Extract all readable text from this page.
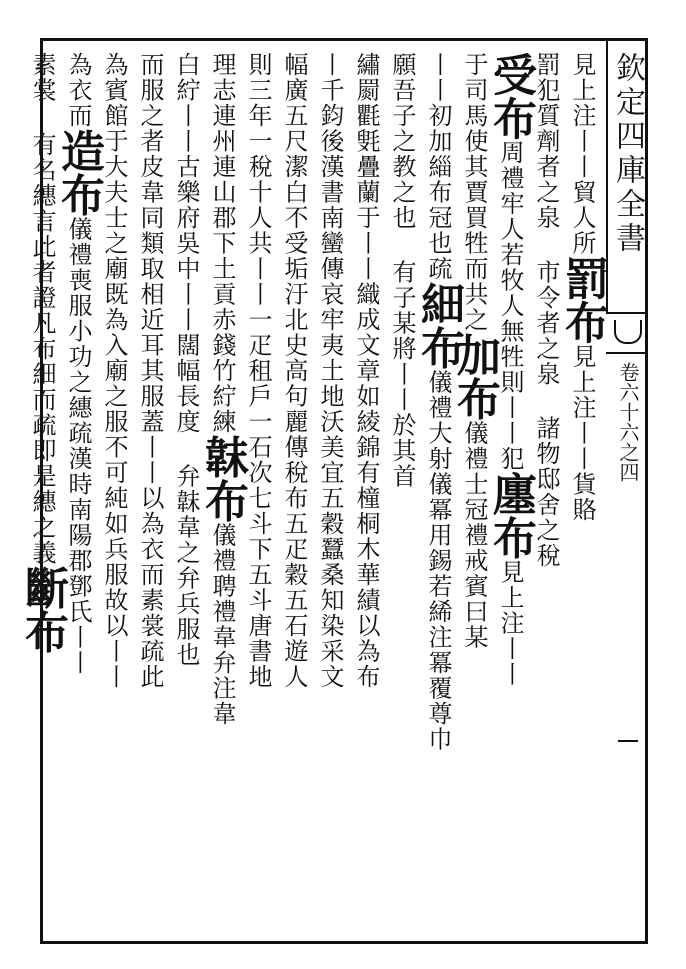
欽定四庫全書
卷六十六之四
見上注丨丨貿人所罰布見上注丨丨貨賂
罰犯質劑者之泉市令者之泉諸物邸舍之稅
受布周禮牢人若牧人無牲則丨丨犯廛布見上注丨丨
于司馬使其賈買牲而共之加布儀禮士冠禮戒賓曰某
丨丨初加緇布冠也疏細布儀禮大射儀冪用錫若絺注冪覆尊巾
願吾子之教之也有子某將丨丨於其首
繡罽氍㲣疊蘭于丨丨織成文章如綾錦有橦桐木華績以為布
丨千鈞後漢書南蠻傳哀牢夷土地沃美宜五穀蠶桑知染采文
幅廣五尺潔白不受垢汙北史高句麗傳稅布五疋穀五石遊人
則三年一稅十人共丨丨一疋租戶一石次七斗下五斗唐書地
理志連州連山郡下土貢赤錢竹紵練韎布儀禮聘禮韋弁注韋
白紵丨丨古樂府吳中丨丨闊幅長度弁韎韋之弁兵服也
而服之者皮韋同類取相近耳其服蓋丨丨以為衣而素裳疏此
為賓館于大夫士之廟既為入廟之服不可純如兵服故以丨丨
為衣而造布儀禮喪服小功之繐疏漢時南陽郡鄧氏丨丨
素裳有名繐言此者證凡布細而疏即是繐之義斷布
